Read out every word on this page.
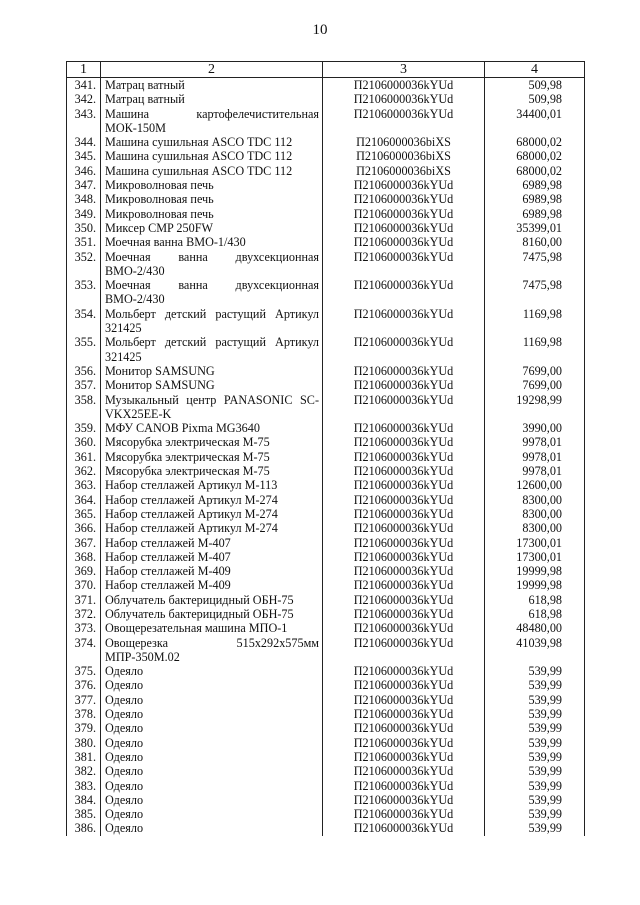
10
1	2	3	4
341.	Матрац ватный	П2106000036kYUd	509,98
342.	Матрац ватный	П2106000036kYUd	509,98
343.	Машина картофелечистительная МОК-150М	П2106000036kYUd	34400,01
344.	Машина сушильная ASCO TDC 112	П2106000036biXS	68000,02
345.	Машина сушильная ASCO TDC 112	П2106000036biXS	68000,02
346.	Машина сушильная ASCO TDC 112	П2106000036biXS	68000,02
347.	Микроволновая печь	П2106000036kYUd	6989,98
348.	Микроволновая печь	П2106000036kYUd	6989,98
349.	Микроволновая печь	П2106000036kYUd	6989,98
350.	Миксер CMP 250FW	П2106000036kYUd	35399,01
351.	Моечная ванна ВМО-1/430	П2106000036kYUd	8160,00
352.	Моечная ванна двухсекционная ВМО-2/430	П2106000036kYUd	7475,98
353.	Моечная ванна двухсекционная ВМО-2/430	П2106000036kYUd	7475,98
354.	Мольберт детский растущий Артикул 321425	П2106000036kYUd	1169,98
355.	Мольберт детский растущий Артикул 321425	П2106000036kYUd	1169,98
356.	Монитор SAMSUNG	П2106000036kYUd	7699,00
357.	Монитор SAMSUNG	П2106000036kYUd	7699,00
358.	Музыкальный центр PANASONIC SC-VKX25EE-K	П2106000036kYUd	19298,99
359.	МФУ CANOB Pixma MG3640	П2106000036kYUd	3990,00
360.	Мясорубка электрическая М-75	П2106000036kYUd	9978,01
361.	Мясорубка электрическая М-75	П2106000036kYUd	9978,01
362.	Мясорубка электрическая М-75	П2106000036kYUd	9978,01
363.	Набор стеллажей Артикул М-113	П2106000036kYUd	12600,00
364.	Набор стеллажей Артикул М-274	П2106000036kYUd	8300,00
365.	Набор стеллажей Артикул М-274	П2106000036kYUd	8300,00
366.	Набор стеллажей Артикул М-274	П2106000036kYUd	8300,00
367.	Набор стеллажей М-407	П2106000036kYUd	17300,01
368.	Набор стеллажей М-407	П2106000036kYUd	17300,01
369.	Набор стеллажей М-409	П2106000036kYUd	19999,98
370.	Набор стеллажей М-409	П2106000036kYUd	19999,98
371.	Облучатель бактерицидный ОБН-75	П2106000036kYUd	618,98
372.	Облучатель бактерицидный ОБН-75	П2106000036kYUd	618,98
373.	Овощерезательная машина МПО-1	П2106000036kYUd	48480,00
374.	Овощерезка 515х292х575мм МПР-350М.02	П2106000036kYUd	41039,98
375.	Одеяло	П2106000036kYUd	539,99
376.	Одеяло	П2106000036kYUd	539,99
377.	Одеяло	П2106000036kYUd	539,99
378.	Одеяло	П2106000036kYUd	539,99
379.	Одеяло	П2106000036kYUd	539,99
380.	Одеяло	П2106000036kYUd	539,99
381.	Одеяло	П2106000036kYUd	539,99
382.	Одеяло	П2106000036kYUd	539,99
383.	Одеяло	П2106000036kYUd	539,99
384.	Одеяло	П2106000036kYUd	539,99
385.	Одеяло	П2106000036kYUd	539,99
386.	Одеяло	П2106000036kYUd	539,99
